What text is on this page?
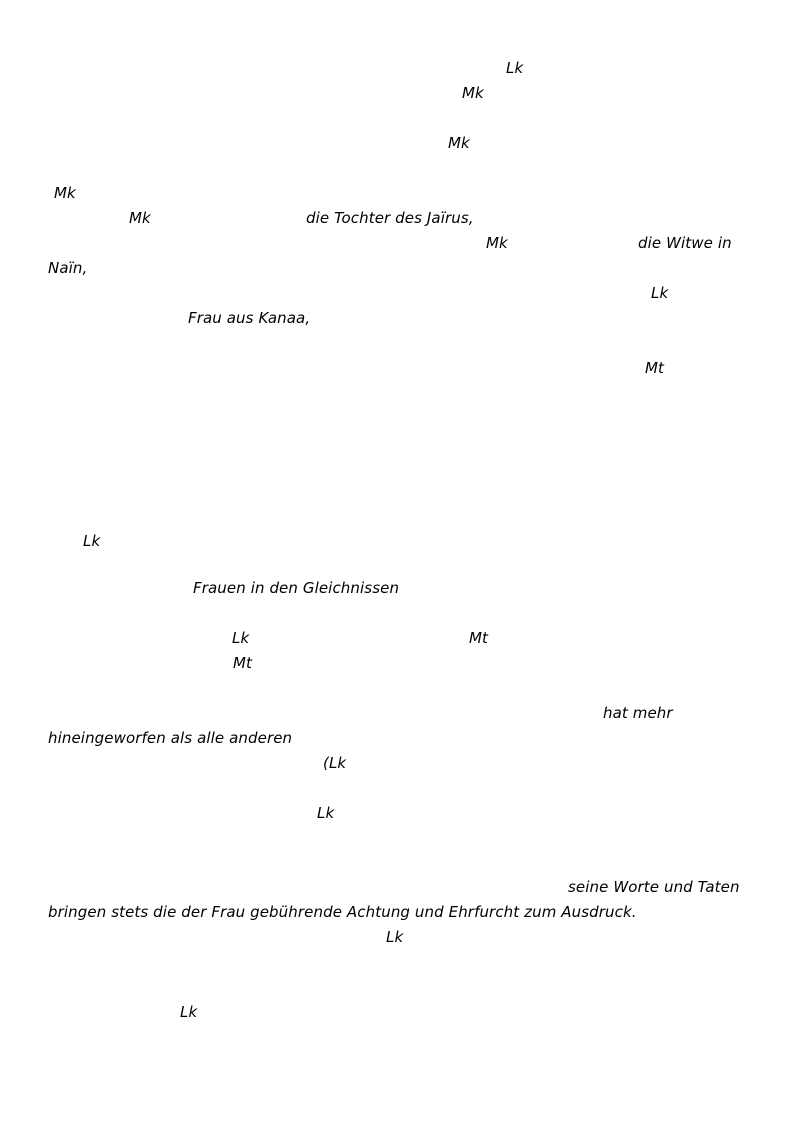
Lk
Mk
Mk
Mk
Mk	die Tochter des Jaïrus,
Mk	die Witwe in
Naïn,
Lk
Frau aus Kanaa,
Mt
Lk
Frauen in den Gleichnissen
Lk	Mt
Mt
hat mehr
hineingeworfen als alle anderen
(Lk
Lk
seine Worte und Taten
bringen stets die der Frau gebührende Achtung und Ehrfurcht zum Ausdruck.
Lk
Lk
